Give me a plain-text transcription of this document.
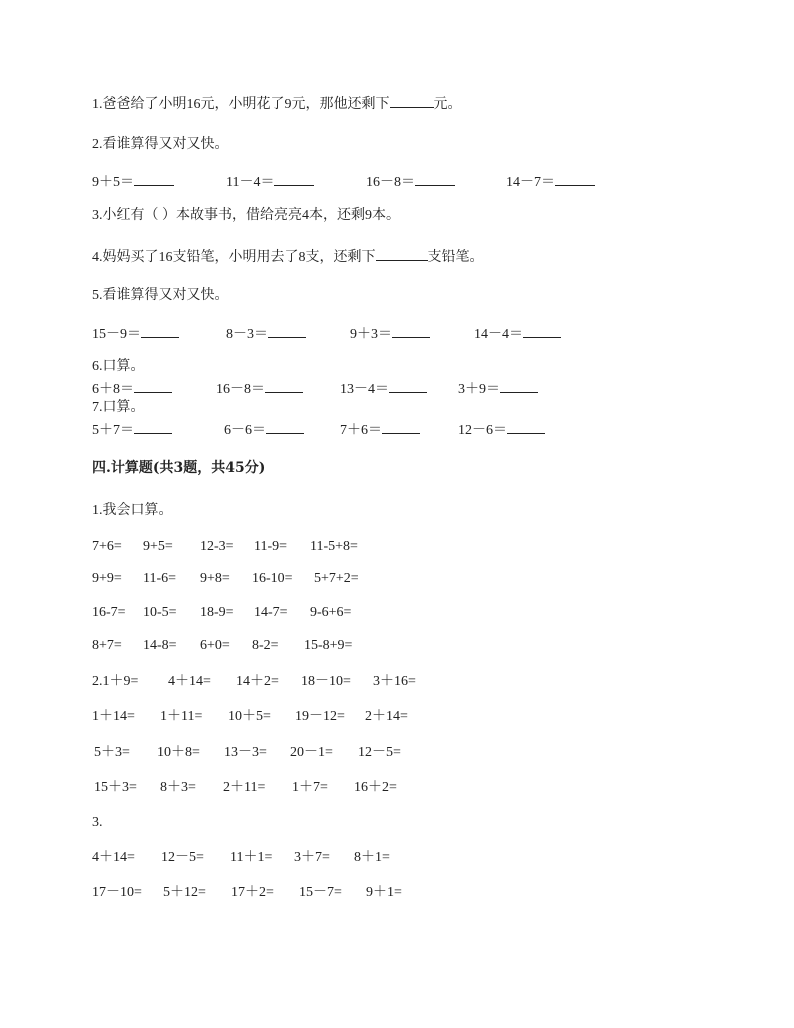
1.爸爸给了小明16元，小明花了9元，那他还剩下	元。
2.看谁算得又对又快。
9＋5＝	11－4＝	16－8＝	14－7＝
3.小红有（ ）本故事书，借给亮亮4本，还剩9本。
4.妈妈买了16支铅笔，小明用去了8支，还剩下	支铅笔。
5.看谁算得又对又快。
15－9＝	8－3＝	9＋3＝	14－4＝
6.口算。
6＋8＝	16－8＝	13－4＝	3＋9＝
7.口算。
5＋7＝	6－6＝	7＋6＝	12－6＝
四.计算题(共3题，共45分)
1.我会口算。
7+6= 9+5= 12-3= 11-9= 11-5+8=
9+9= 11-6= 9+8= 16-10= 5+7+2=
16-7= 10-5= 18-9= 14-7= 9-6+6=
8+7= 14-8= 6+0= 8-2= 15-8+9=
2.1＋9= 4＋14= 14＋2= 18－10= 3＋16=
1＋14= 1＋11= 10＋5= 19－12= 2＋14=
5＋3= 10＋8= 13－3= 20－1= 12－5=
15＋3= 8＋3= 2＋11= 1＋7= 16＋2=
3.
4＋14= 12－5= 11＋1= 3＋7= 8＋1=
17－10= 5＋12= 17＋2= 15－7= 9＋1=
